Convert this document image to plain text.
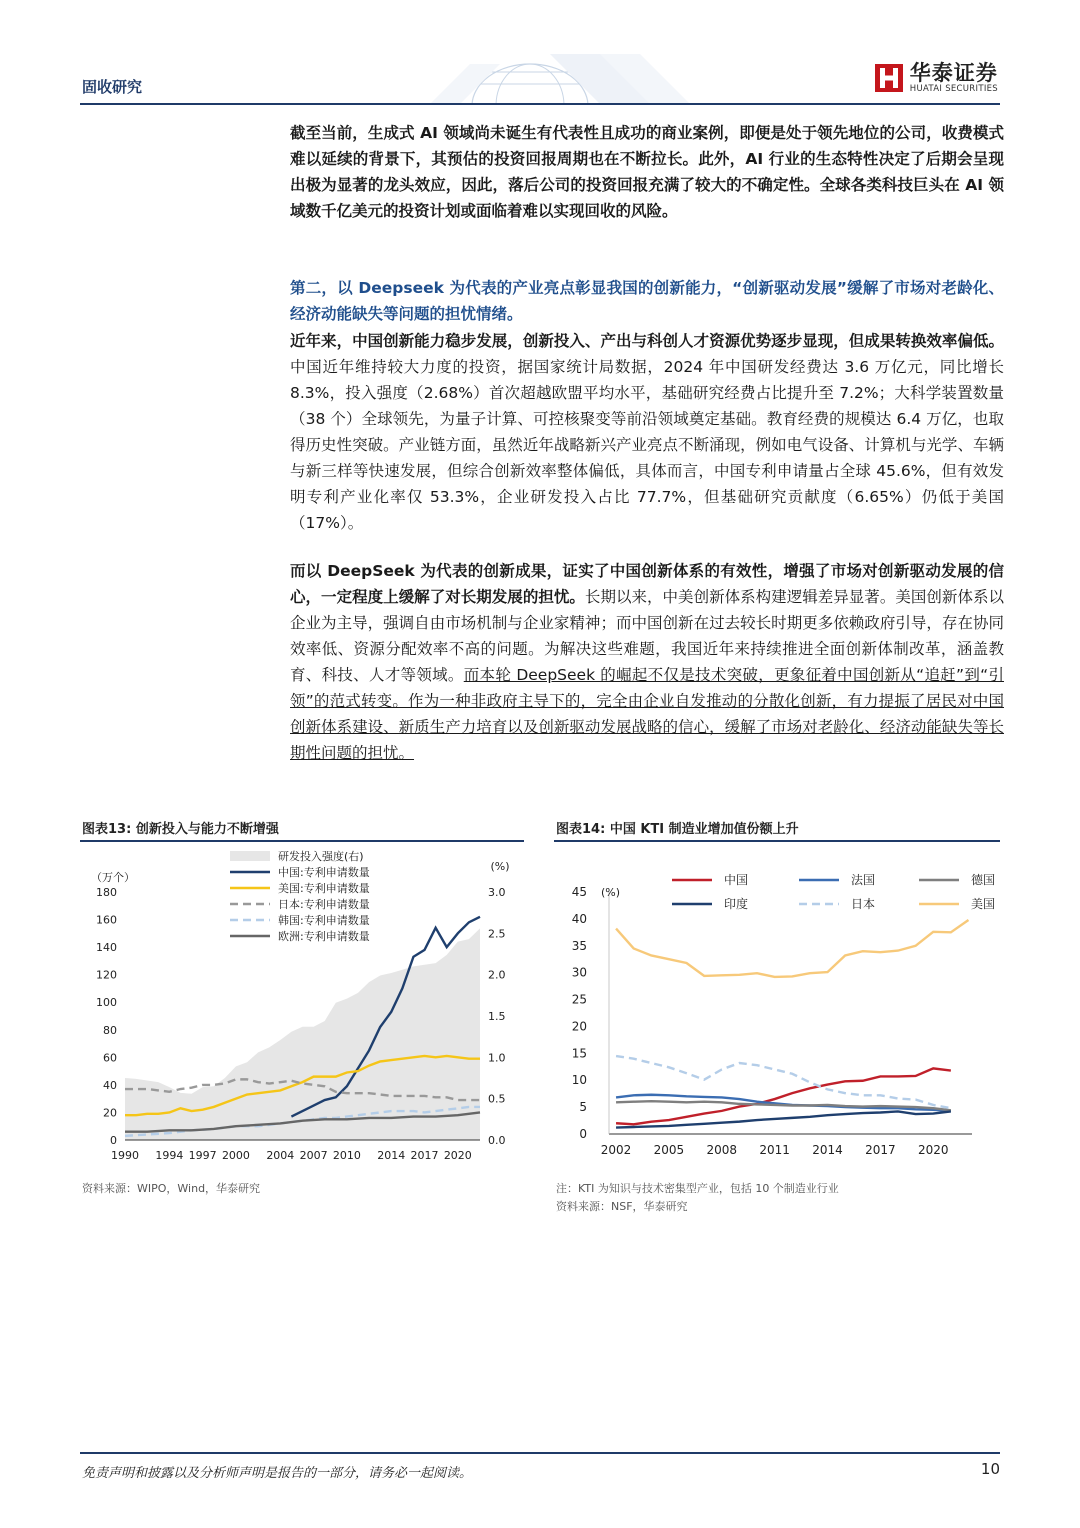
固收研究
华泰证券
HUATAI SECURITIES
截至当前，生成式 AI 领域尚未诞生有代表性且成功的商业案例，即便是处于领先地位的公司，收费模式难以延续的背景下，其预估的投资回报周期也在不断拉长。此外，AI 行业的生态特性决定了后期会呈现出极为显著的龙头效应，因此，落后公司的投资回报充满了较大的不确定性。全球各类科技巨头在 AI 领域数千亿美元的投资计划或面临着难以实现回收的风险。
第二，以 Deepseek 为代表的产业亮点彰显我国的创新能力，“创新驱动发展”缓解了市场对老龄化、经济动能缺失等问题的担忧情绪。
近年来，中国创新能力稳步发展，创新投入、产出与科创人才资源优势逐步显现，但成果转换效率偏低。中国近年维持较大力度的投资，据国家统计局数据，2024 年中国研发经费达 3.6 万亿元，同比增长 8.3%，投入强度（2.68%）首次超越欧盟平均水平，基础研究经费占比提升至 7.2%；大科学装置数量（38 个）全球领先，为量子计算、可控核聚变等前沿领域奠定基础。教育经费的规模达 6.4 万亿，也取得历史性突破。产业链方面，虽然近年战略新兴产业亮点不断涌现，例如电气设备、计算机与光学、车辆与新三样等快速发展，但综合创新效率整体偏低，具体而言，中国专利申请量占全球 45.6%，但有效发明专利产业化率仅 53.3%，企业研发投入占比 77.7%，但基础研究贡献度（6.65%）仍低于美国（17%）。
而以 DeepSeek 为代表的创新成果，证实了中国创新体系的有效性，增强了市场对创新驱动发展的信心，一定程度上缓解了对长期发展的担忧。长期以来，中美创新体系构建逻辑差异显著。美国创新体系以企业为主导，强调自由市场机制与企业家精神；而中国创新在过去较长时期更多依赖政府引导，存在协同效率低、资源分配效率不高的问题。为解决这些难题，我国近年来持续推进全面创新体制改革，涵盖教育、科技、人才等领域。而本轮 DeepSeek 的崛起不仅是技术突破，更象征着中国创新从“追赶”到“引领”的范式转变。作为一种非政府主导下的，完全由企业自发推动的分散化创新，有力提振了居民对中国创新体系建设、新质生产力培育以及创新驱动发展战略的信心，缓解了市场对老龄化、经济动能缺失等长期性问题的担忧。
图表13: 创新投入与能力不断增强
0
20
40
60
80
100
120
140
160
180
0.0
0.5
1.0
1.5
2.0
2.5
3.0
1990 1994 1997 2000 2004 2007 2010 2014 2017 2020
（万个）
(%)
研发投入强度(右)
中国:专利申请数量
美国:专利申请数量
日本:专利申请数量
韩国:专利申请数量
欧洲:专利申请数量
资料来源：WIPO，Wind，华泰研究
图表14: 中国 KTI 制造业增加值份额上升
0
5
10
15
20
25
30
35
40
45
2002 2005 2008 2011 2014 2017 2020
(%)
中国	法国	德国
印度	日本	美国
注：KTI 为知识与技术密集型产业，包括 10 个制造业行业
资料来源：NSF，华泰研究
免责声明和披露以及分析师声明是报告的一部分，请务必一起阅读。	10
